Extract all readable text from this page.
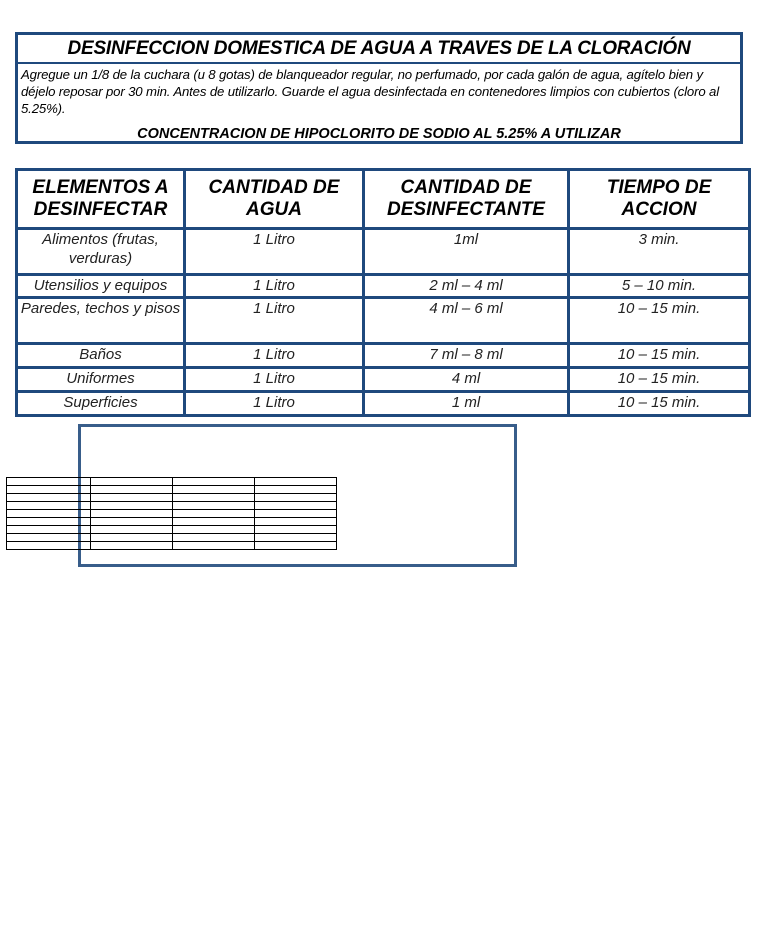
DESINFECCION DOMESTICA DE AGUA A TRAVES DE LA CLORACIÓN
Agregue un 1/8 de la cuchara (u 8 gotas) de blanqueador regular, no perfumado, por cada galón de agua, agítelo bien y déjelo reposar por 30 min. Antes de utilizarlo. Guarde el agua desinfectada en contenedores limpios con cubiertos (cloro al 5.25%).
CONCENTRACION DE HIPOCLORITO DE SODIO AL 5.25% A UTILIZAR
ELEMENTOS A DESINFECTAR	CANTIDAD DE AGUA	CANTIDAD DE DESINFECTANTE	TIEMPO DE ACCION
Alimentos (frutas, verduras)	1 Litro	1ml	3 min.
Utensilios y equipos	1 Litro	2 ml – 4 ml	5 – 10 min.
Paredes, techos y pisos	1 Litro	4 ml – 6 ml	10 – 15 min.
Baños	1 Litro	7 ml – 8 ml	10 – 15 min.
Uniformes	1 Litro	4 ml	10 – 15 min.
Superficies	1 Litro	1 ml	10 – 15 min.
